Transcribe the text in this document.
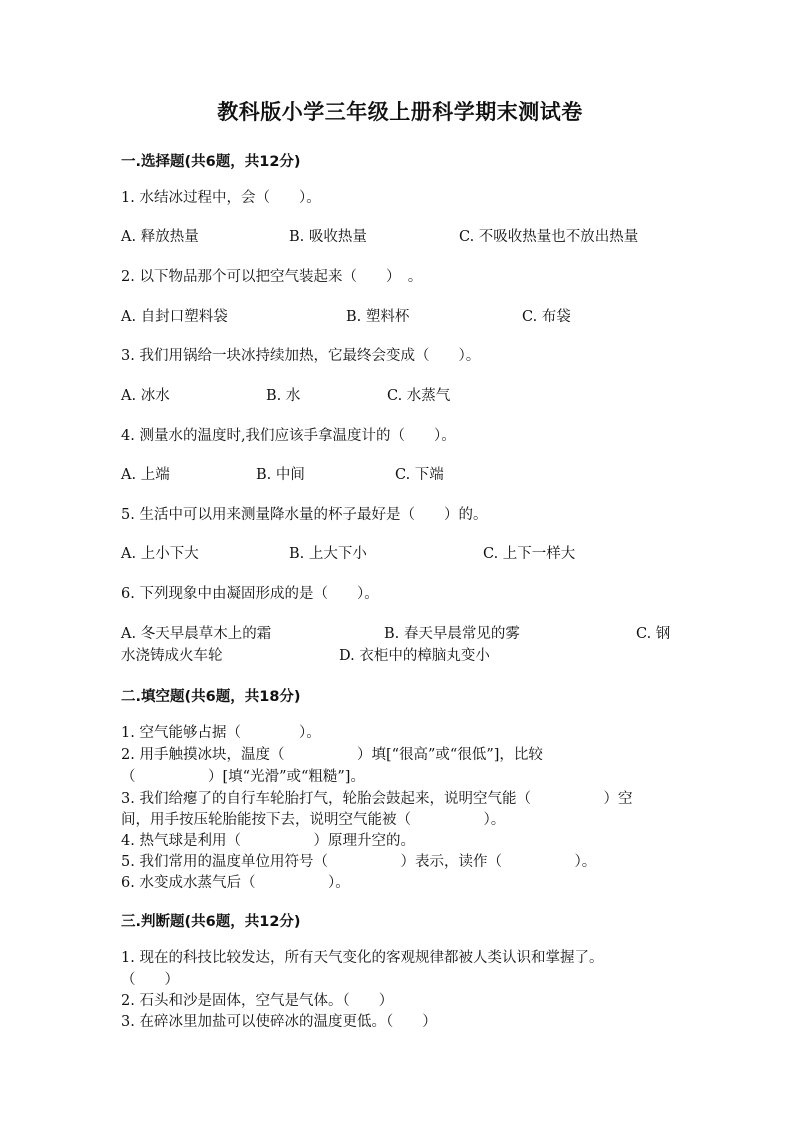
教科版小学三年级上册科学期末测试卷
一.选择题(共6题，共12分)
1. 水结冰过程中，会（　　）。
A. 释放热量	B. 吸收热量	C. 不吸收热量也不放出热量
2. 以下物品那个可以把空气装起来（　　）　。
A. 自封口塑料袋	B. 塑料杯	C. 布袋
3. 我们用锅给一块冰持续加热，它最终会变成（　　）。
A. 冰水	B. 水	C. 水蒸气
4. 测量水的温度时,我们应该手拿温度计的（　　）。
A. 上端	B. 中间	C. 下端
5. 生活中可以用来测量降水量的杯子最好是（　　）的。
A. 上小下大	B. 上大下小	C. 上下一样大
6. 下列现象中由凝固形成的是（　　）。
A. 冬天早晨草木上的霜	B. 春天早晨常见的雾	C. 钢
水浇铸成火车轮	D. 衣柜中的樟脑丸变小
二.填空题(共6题，共18分)
1. 空气能够占据（　　　　）。
2. 用手触摸冰块，温度（　　　　　）填[“很高”或“很低”]，比较
（　　　　　）[填“光滑”或“粗糙”]。
3. 我们给瘪了的自行车轮胎打气，轮胎会鼓起来，说明空气能（　　　　　）空
间，用手按压轮胎能按下去，说明空气能被（　　　　　）。
4. 热气球是利用（　　　　　）原理升空的。
5. 我们常用的温度单位用符号（　　　　　）表示，读作（　　　　　）。
6. 水变成水蒸气后（　　　　　）。
三.判断题(共6题，共12分)
1. 现在的科技比较发达，所有天气变化的客观规律都被人类认识和掌握了。
（　　）
2. 石头和沙是固体，空气是气体。（　　）
3. 在碎冰里加盐可以使碎冰的温度更低。（　　）
